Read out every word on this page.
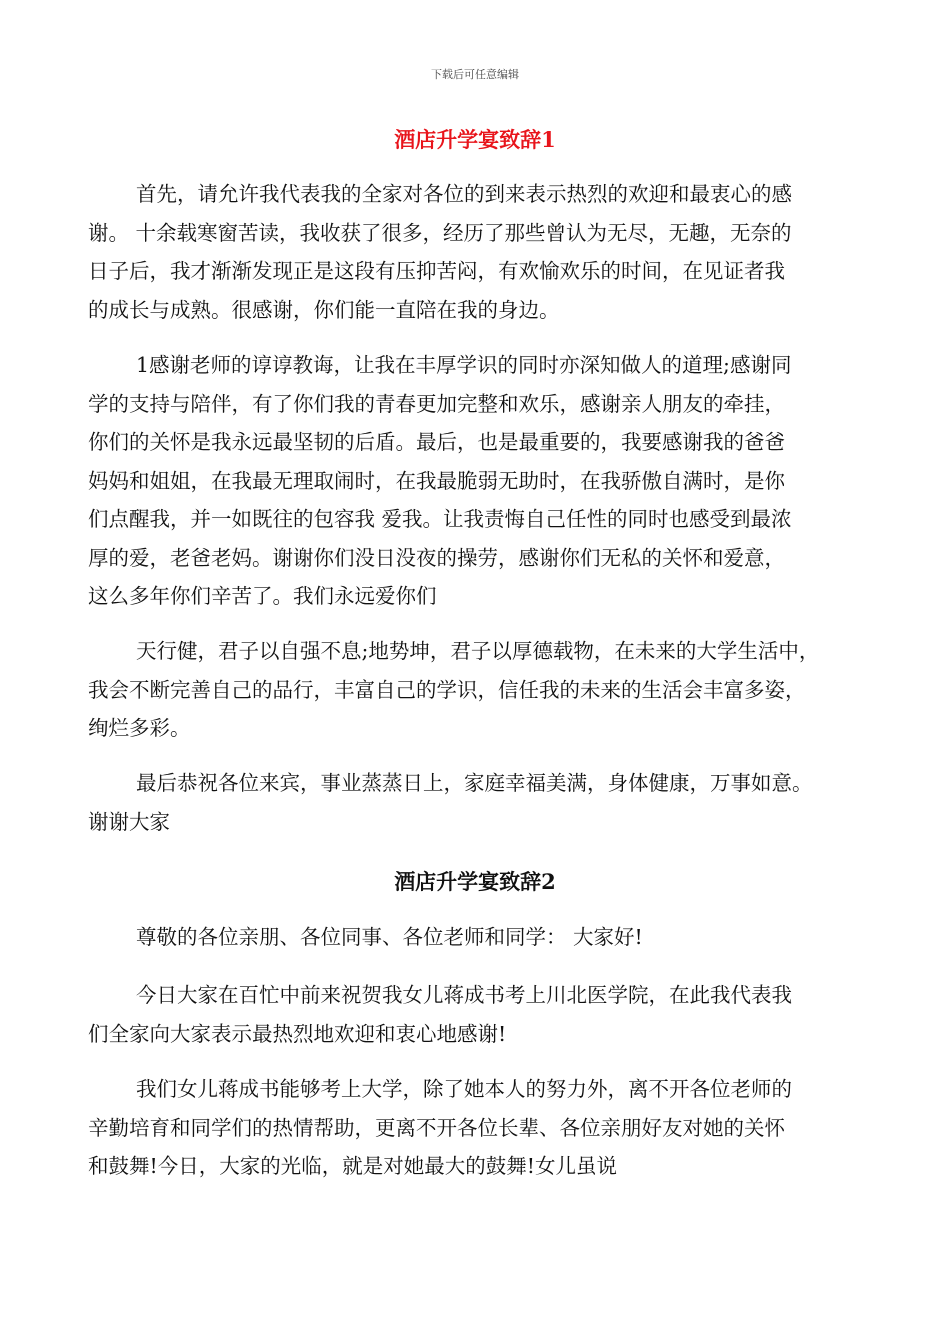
下载后可任意编辑
酒店升学宴致辞1
首先，请允许我代表我的全家对各位的到来表示热烈的欢迎和最衷心的感
谢。 十余载寒窗苦读，我收获了很多，经历了那些曾认为无尽，无趣，无奈的
日子后，我才渐渐发现正是这段有压抑苦闷，有欢愉欢乐的时间，在见证者我
的成长与成熟。很感谢，你们能一直陪在我的身边。
1感谢老师的谆谆教诲，让我在丰厚学识的同时亦深知做人的道理;感谢同
学的支持与陪伴，有了你们我的青春更加完整和欢乐，感谢亲人朋友的牵挂，
你们的关怀是我永远最坚韧的后盾。最后，也是最重要的，我要感谢我的爸爸
妈妈和姐姐，在我最无理取闹时，在我最脆弱无助时，在我骄傲自满时，是你
们点醒我，并一如既往的包容我 爱我。让我责悔自己任性的同时也感受到最浓
厚的爱，老爸老妈。谢谢你们没日没夜的操劳，感谢你们无私的关怀和爱意，
这么多年你们辛苦了。我们永远爱你们
天行健，君子以自强不息;地势坤，君子以厚德载物，在未来的大学生活中，
我会不断完善自己的品行，丰富自己的学识，信任我的未来的生活会丰富多姿，
绚烂多彩。
最后恭祝各位来宾，事业蒸蒸日上，家庭幸福美满，身体健康，万事如意。
谢谢大家
酒店升学宴致辞2
尊敬的各位亲朋、各位同事、各位老师和同学： 大家好!
今日大家在百忙中前来祝贺我女儿蒋成书考上川北医学院，在此我代表我
们全家向大家表示最热烈地欢迎和衷心地感谢!
我们女儿蒋成书能够考上大学，除了她本人的努力外，离不开各位老师的
辛勤培育和同学们的热情帮助，更离不开各位长辈、各位亲朋好友对她的关怀
和鼓舞!今日，大家的光临，就是对她最大的鼓舞!女儿虽说
